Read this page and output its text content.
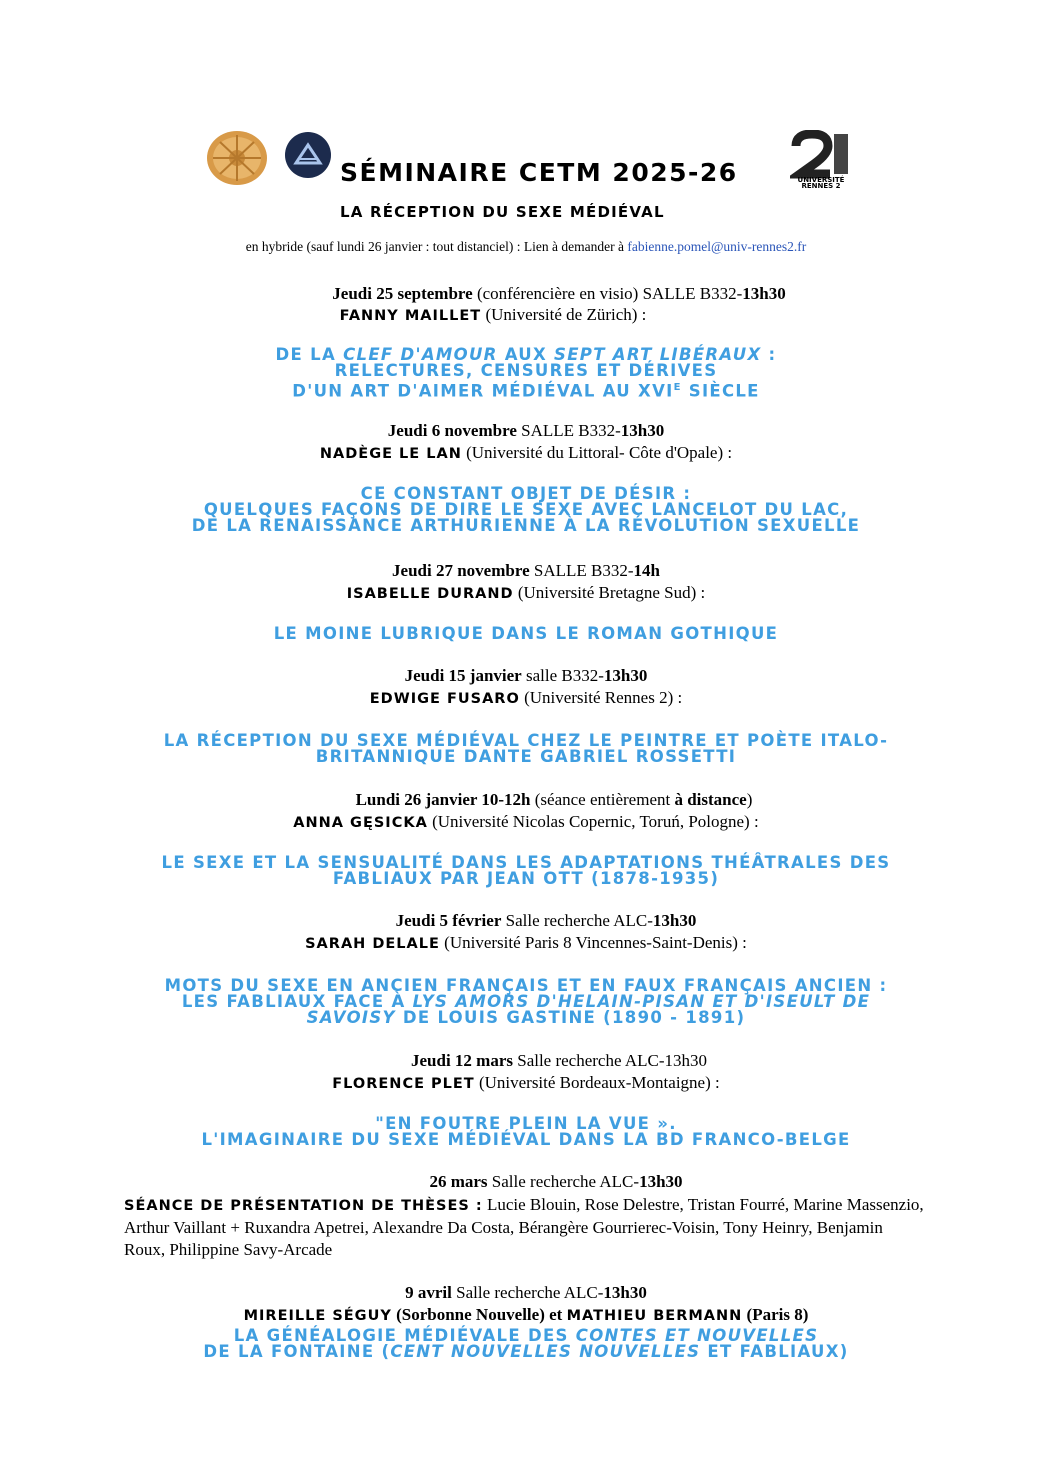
UNIVERSITÉ
RENNES 2
SÉMINAIRE CETM 2025-26
LA RÉCEPTION DU SEXE MÉDIÉVAL
en hybride (sauf lundi 26 janvier : tout distanciel) : Lien à demander à fabienne.pomel@univ-rennes2.fr
Jeudi 25 septembre (conférencière en visio) SALLE B332-13h30
FANNY MAILLET (Université de Zürich) :
DE LA CLEF D'AMOUR AUX SEPT ART LIBÉRAUX :
RELECTURES, CENSURES ET DÉRIVES
D'UN ART D'AIMER MÉDIÉVAL AU $XVI^E$ SIÈCLE
Jeudi 6 novembre SALLE B332-13h30
NADÈGE LE LAN (Université du Littoral- Côte d'Opale) :
CE CONSTANT OBJET DE DÉSIR :
QUELQUES FAÇONS DE DIRE LE SEXE AVEC LANCELOT DU LAC,
DE LA RENAISSANCE ARTHURIENNE À LA RÉVOLUTION SEXUELLE
Jeudi 27 novembre SALLE B332-14h
ISABELLE DURAND (Université Bretagne Sud) :
LE MOINE LUBRIQUE DANS LE ROMAN GOTHIQUE
Jeudi 15 janvier salle B332-13h30
EDWIGE FUSARO (Université Rennes 2) :
LA RÉCEPTION DU SEXE MÉDIÉVAL CHEZ LE PEINTRE ET POÈTE ITALO-
BRITANNIQUE DANTE GABRIEL ROSSETTI
Lundi 26 janvier 10-12h (séance entièrement à distance)
ANNA GĘSICKA (Université Nicolas Copernic, Toruń, Pologne) :
LE SEXE ET LA SENSUALITÉ DANS LES ADAPTATIONS THÉÂTRALES DES
FABLIAUX PAR JEAN OTT (1878-1935)
Jeudi 5 février Salle recherche ALC-13h30
SARAH DELALE (Université Paris 8 Vincennes-Saint-Denis) :
MOTS DU SEXE EN ANCIEN FRANÇAIS ET EN FAUX FRANÇAIS ANCIEN :
LES FABLIAUX FACE À LYS AMORS D'HELAIN-PISAN ET D'ISEULT DE
SAVOISY DE LOUIS GASTINE (1890 - 1891)
Jeudi 12 mars Salle recherche ALC-13h30
FLORENCE PLET (Université Bordeaux-Montaigne) :
"EN FOUTRE PLEIN LA VUE ».
L'IMAGINAIRE DU SEXE MÉDIÉVAL DANS LA BD FRANCO-BELGE
26 mars Salle recherche ALC-13h30
SÉANCE DE PRÉSENTATION DE THÈSES : Lucie Blouin, Rose Delestre, Tristan Fourré, Marine Massenzio, Arthur Vaillant + Ruxandra Apetrei, Alexandre Da Costa, Bérangère Gourrierec-Voisin, Tony Heinry, Benjamin Roux, Philippine Savy-Arcade
9 avril Salle recherche ALC-13h30
MIREILLE SÉGUY (Sorbonne Nouvelle) et MATHIEU BERMANN (Paris 8)
LA GÉNÉALOGIE MÉDIÉVALE DES CONTES ET NOUVELLES
DE LA FONTAINE (CENT NOUVELLES NOUVELLES ET FABLIAUX)
